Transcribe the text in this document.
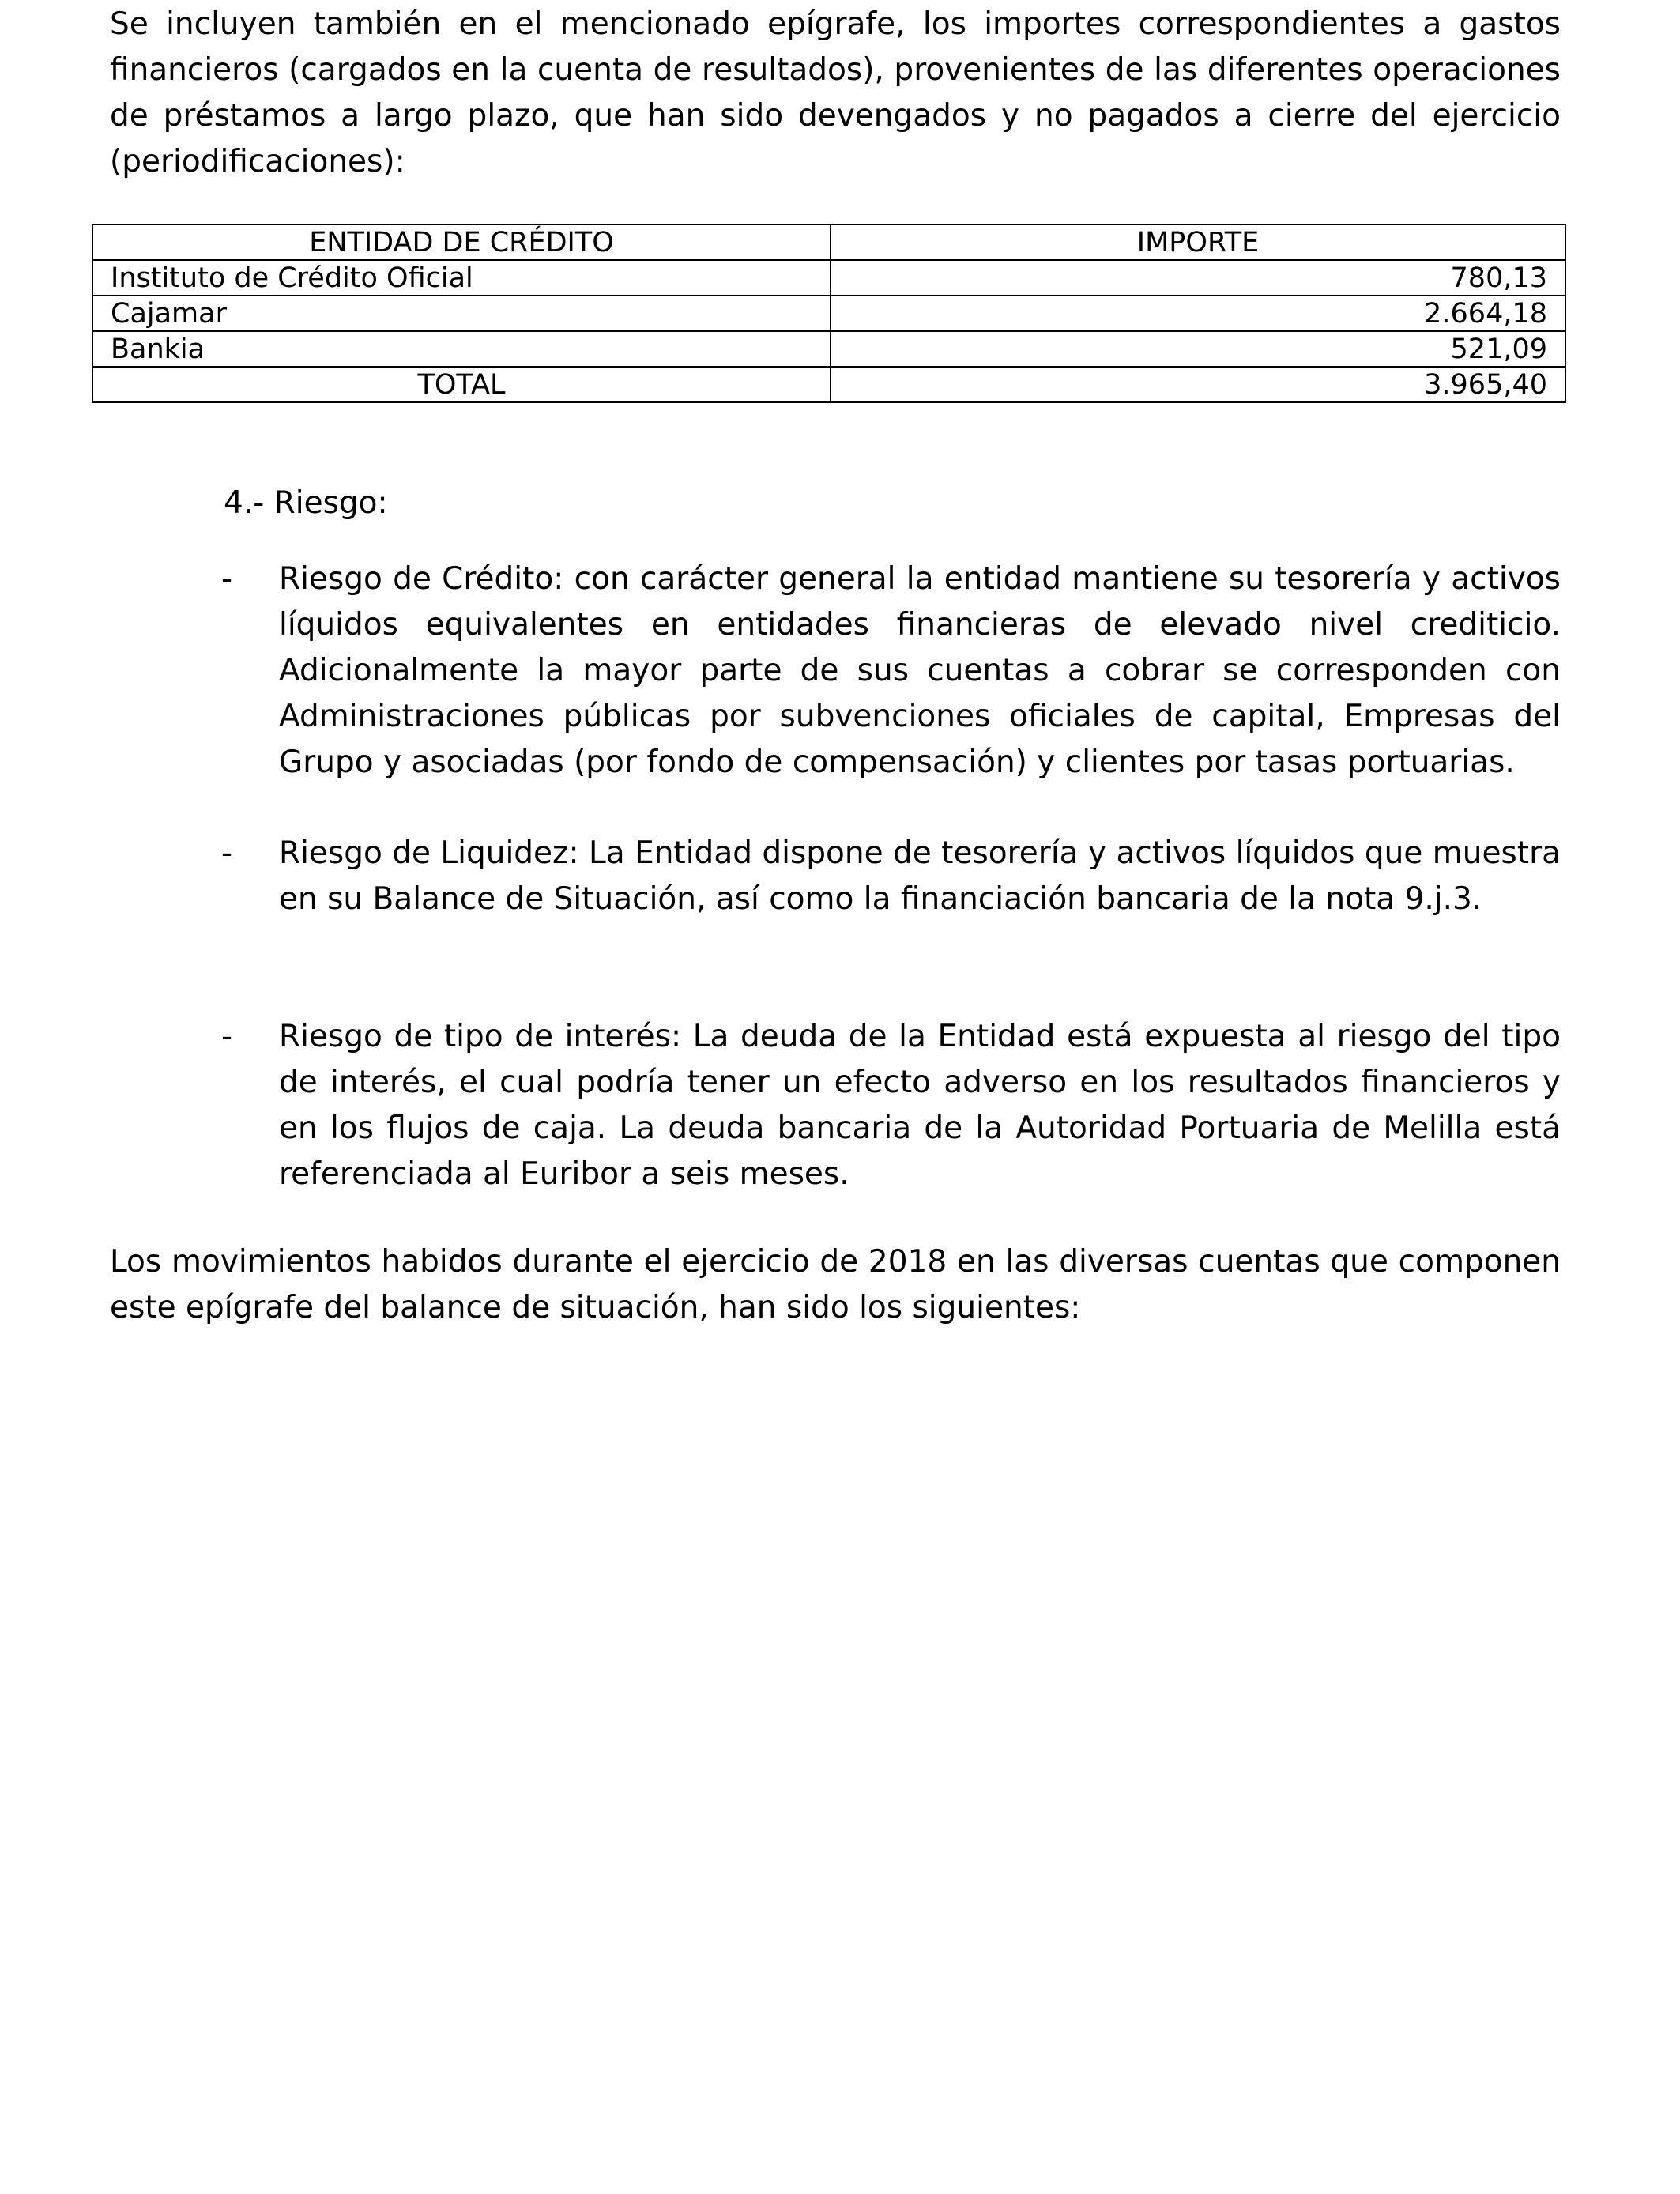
Se incluyen también en el mencionado epígrafe, los importes correspondientes a gastos financieros (cargados en la cuenta de resultados), provenientes de las diferentes operaciones de préstamos a largo plazo, que han sido devengados y no pagados a cierre del ejercicio (periodificaciones):

ENTIDAD DE CRÉDITO	IMPORTE
Instituto de Crédito Oficial	780,13
Cajamar	2.664,18
Bankia	521,09
TOTAL	3.965,40

4.- Riesgo:

- Riesgo de Crédito: con carácter general la entidad mantiene su tesorería y activos líquidos equivalentes en entidades financieras de elevado nivel crediticio. Adicionalmente la mayor parte de sus cuentas a cobrar se corresponden con Administraciones públicas por subvenciones oficiales de capital, Empresas del Grupo y asociadas (por fondo de compensación) y clientes por tasas portuarias.
- Riesgo de Liquidez: La Entidad dispone de tesorería y activos líquidos que muestra en su Balance de Situación, así como la financiación bancaria de la nota 9.j.3.
- Riesgo de tipo de interés: La deuda de la Entidad está expuesta al riesgo del tipo de interés, el cual podría tener un efecto adverso en los resultados financieros y en los flujos de caja. La deuda bancaria de la Autoridad Portuaria de Melilla está referenciada al Euribor a seis meses.

Los movimientos habidos durante el ejercicio de 2018 en las diversas cuentas que componen este epígrafe del balance de situación, han sido los siguientes:
